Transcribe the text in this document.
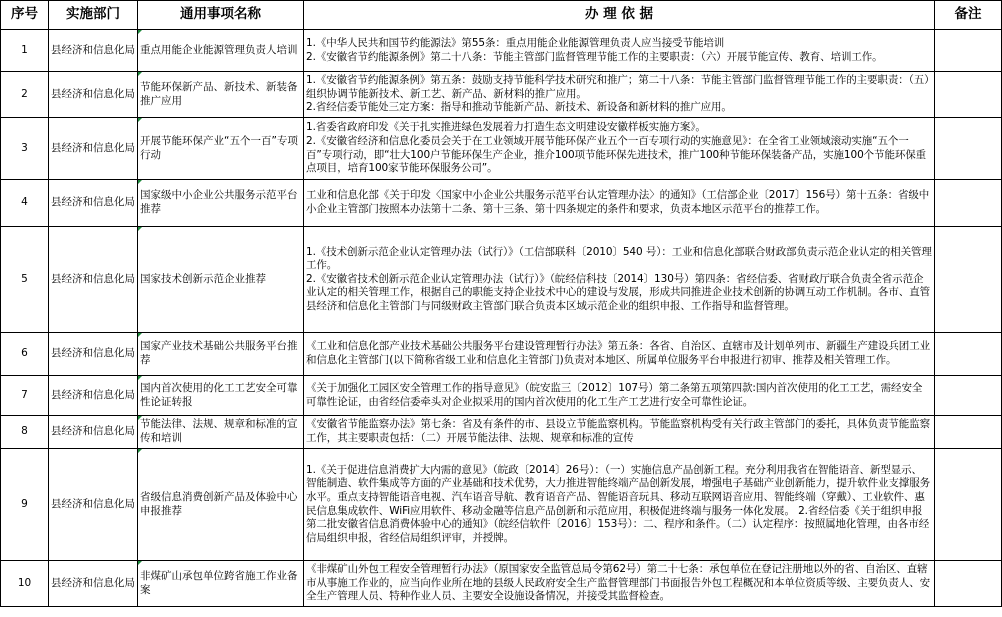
序号	实施部门	通用事项名称	办 理 依 据	备注
1	县经济和信息化局	重点用能企业能源管理负责人培训	1.《中华人民共和国节约能源法》第55条：重点用能企业能源管理负责人应当接受节能培训
2.《安徽省节约能源条例》第二十八条：节能主管部门监督管理节能工作的主要职责：（六）开展节能宣传、教育、培训工作。	
2	县经济和信息化局	节能环保新产品、新技术、新装备推广应用	1.《安徽省节约能源条例》第五条：鼓励支持节能科学技术研究和推广；第二十八条：节能主管部门监督管理节能工作的主要职责：（五）组织协调节能新技术、新工艺、新产品、新材料的推广应用。
2.省经信委节能处三定方案：指导和推动节能新产品、新技术、新设备和新材料的推广应用。	
3	县经济和信息化局	开展节能环保产业“五个一百”专项行动	1.省委省政府印发《关于扎实推进绿色发展着力打造生态文明建设安徽样板实施方案》。
2.《安徽省经济和信息化委员会关于在工业领域开展节能环保产业五个一百专项行动的实施意见》：在全省工业领域滚动实施“五个一百”专项行动，即“壮大100户节能环保生产企业，推介100项节能环保先进技术，推广100种节能环保装备产品，实施100个节能环保重点项目，培育100家节能环保服务公司”。	
4	县经济和信息化局	国家级中小企业公共服务示范平台推荐	工业和信息化部《关于印发〈国家中小企业公共服务示范平台认定管理办法〉的通知》（工信部企业〔2017〕156号）第十五条：省级中小企业主管部门按照本办法第十二条、第十三条、第十四条规定的条件和要求，负责本地区示范平台的推荐工作。	
5	县经济和信息化局	国家技术创新示范企业推荐	1.《技术创新示范企业认定管理办法（试行）》（工信部联科〔2010〕540 号）：工业和信息化部联合财政部负责示范企业认定的相关管理工作。
2.《安徽省技术创新示范企业认定管理办法（试行）》（皖经信科技〔2014〕130号）第四条：省经信委、省财政厅联合负责全省示范企业认定的相关管理工作，根据自己的职能支持企业技术中心的建设与发展，形成共同推进企业技术创新的协调互动工作机制。各市、直管县经济和信息化主管部门与同级财政主管部门联合负责本区域示范企业的组织申报、工作指导和监督管理。	
6	县经济和信息化局	国家产业技术基础公共服务平台推荐	《工业和信息化部产业技术基础公共服务平台建设管理暂行办法》第五条：各省、自治区、直辖市及计划单列市、新疆生产建设兵团工业和信息化主管部门(以下简称省级工业和信息化主管部门)负责对本地区、所属单位服务平台申报进行初审、推荐及相关管理工作。	
7	县经济和信息化局	国内首次使用的化工工艺安全可靠性论证转报	《关于加强化工园区安全管理工作的指导意见》（皖安监三〔2012〕107号）第二条第五项第四款:国内首次使用的化工工艺，需经安全可靠性论证，由省经信委牵头对企业拟采用的国内首次使用的化工生产工艺进行安全可靠性论证。	
8	县经济和信息化局	节能法律、法规、规章和标准的宣传和培训	《安徽省节能监察办法》第七条：省及有条件的市、县设立节能监察机构。节能监察机构受有关行政主管部门的委托，具体负责节能监察工作，其主要职责包括：（二）开展节能法律、法规、规章和标准的宣传	
9	县经济和信息化局	省级信息消费创新产品及体验中心申报推荐	1.《关于促进信息消费扩大内需的意见》（皖政〔2014〕26号）：（一）实施信息产品创新工程。充分利用我省在智能语音、新型显示、智能制造、软件集成等方面的产业基础和技术优势，大力推进智能终端产品创新发展，增强电子基础产业创新能力，提升软件业支撑服务水平。重点支持智能语音电视、汽车语音导航、教育语音产品、智能语音玩具、移动互联网语音应用、智能终端（穿戴）、工业软件、惠民信息集成软件、WiFi应用软件、移动金融等信息产品创新和示范应用，积极促进终端与服务一体化发展。 2.省经信委《关于组织申报第二批安徽省信息消费体验中心的通知》（皖经信软件〔2016〕153号）：二、程序和条件。（二）认定程序：按照属地化管理，由各市经信局组织申报，省经信局组织评审，并授牌。	
10	县经济和信息化局	非煤矿山承包单位跨省施工作业备案	《非煤矿山外包工程安全管理暂行办法》（原国家安全监管总局令第62号）第二十七条：承包单位在登记注册地以外的省、自治区、直辖市从事施工作业的，应当向作业所在地的县级人民政府安全生产监督管理部门书面报告外包工程概况和本单位资质等级、主要负责人、安全生产管理人员、特种作业人员、主要安全设施设备情况，并接受其监督检查。	
